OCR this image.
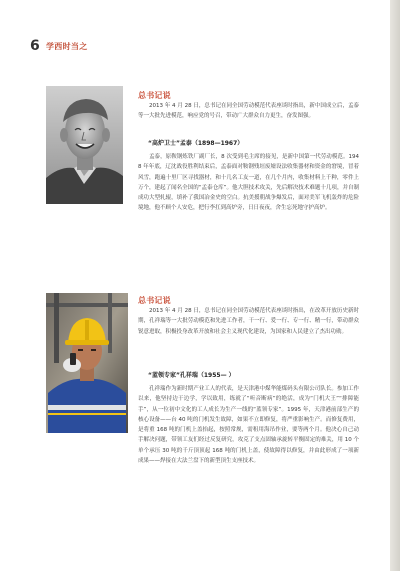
6 学西时当之
总书记说

2013 年 4 月 28 日，总书记在同全国劳动模范代表座谈时指出，新中国成立后，孟泰等一大批先进模范，响应党的号召，带动广大群众自力更生，奋发图强。

“高炉卫士”孟泰（1898—1967）

孟泰，原鞍钢炼铁厂副厂长，8 次受到毛主席的接见，是新中国第一代劳动模范。1948 年年底，辽沈战役胜利结束后，孟泰面对鞍钢残垣废墟设法收集器材和资金的窘境，冒着风雪，跑遍十里厂区寻找器材，和十几名工友一道，在几个月内，收集材料上千种，零件上万个，建起了闻名全国的“孟泰仓库”。他大胆技术攻关，先后解决技术难题十几项，并自制成功大型轧辊，填补了我国冶金史的空白。抗美援朝战争爆发后，面对美军飞机轰炸的危险境地，他不顾个人安危，把行李扛到高炉旁，日日夜夜，舍生忘死地守护高炉。

总书记说

2013 年 4 月 28 日，总书记在同全国劳动模范代表座谈时指出，在改革开放历史新时期，孔祥瑞等一大批劳动模范和先进工作者，干一行、爱一行、专一行、精一行，带动群众锐意进取，积极投身改革开放和社会主义现代化建设，为国家和人民建立了杰出功勋。

“蓝领专家”孔祥瑞（1955— ）

孔祥瑞作为新时期产业工人的代表，是天津港中煤华能煤码头有限公司队长。参加工作以来，他坚持边干边学，学以致用，练就了“听音断病”的绝活，成为“门机大王”“排障能手”，从一位初中文化的工人成长为生产一线的“蓝领专家”。1995 年，天津港前部生产的核心设备——台 40 吨的门机发生故障，如果不立即修复，将严重影响生产。而修复费用，是将重 168 吨的门机上盖抬起，按照常规，需租用海吊作业，要等两个月。他决心自己动手解决问题，带领工友们经过反复研究，攻克了支点固轴承旋转平衡固定的难关，用 10 个单个承压 30 吨的千斤顶顶起 168 吨的门机上盖，使故障得以修复，并由此形成了一项新成果——焊接在大法兰盘下的新型顶生支座技术。
